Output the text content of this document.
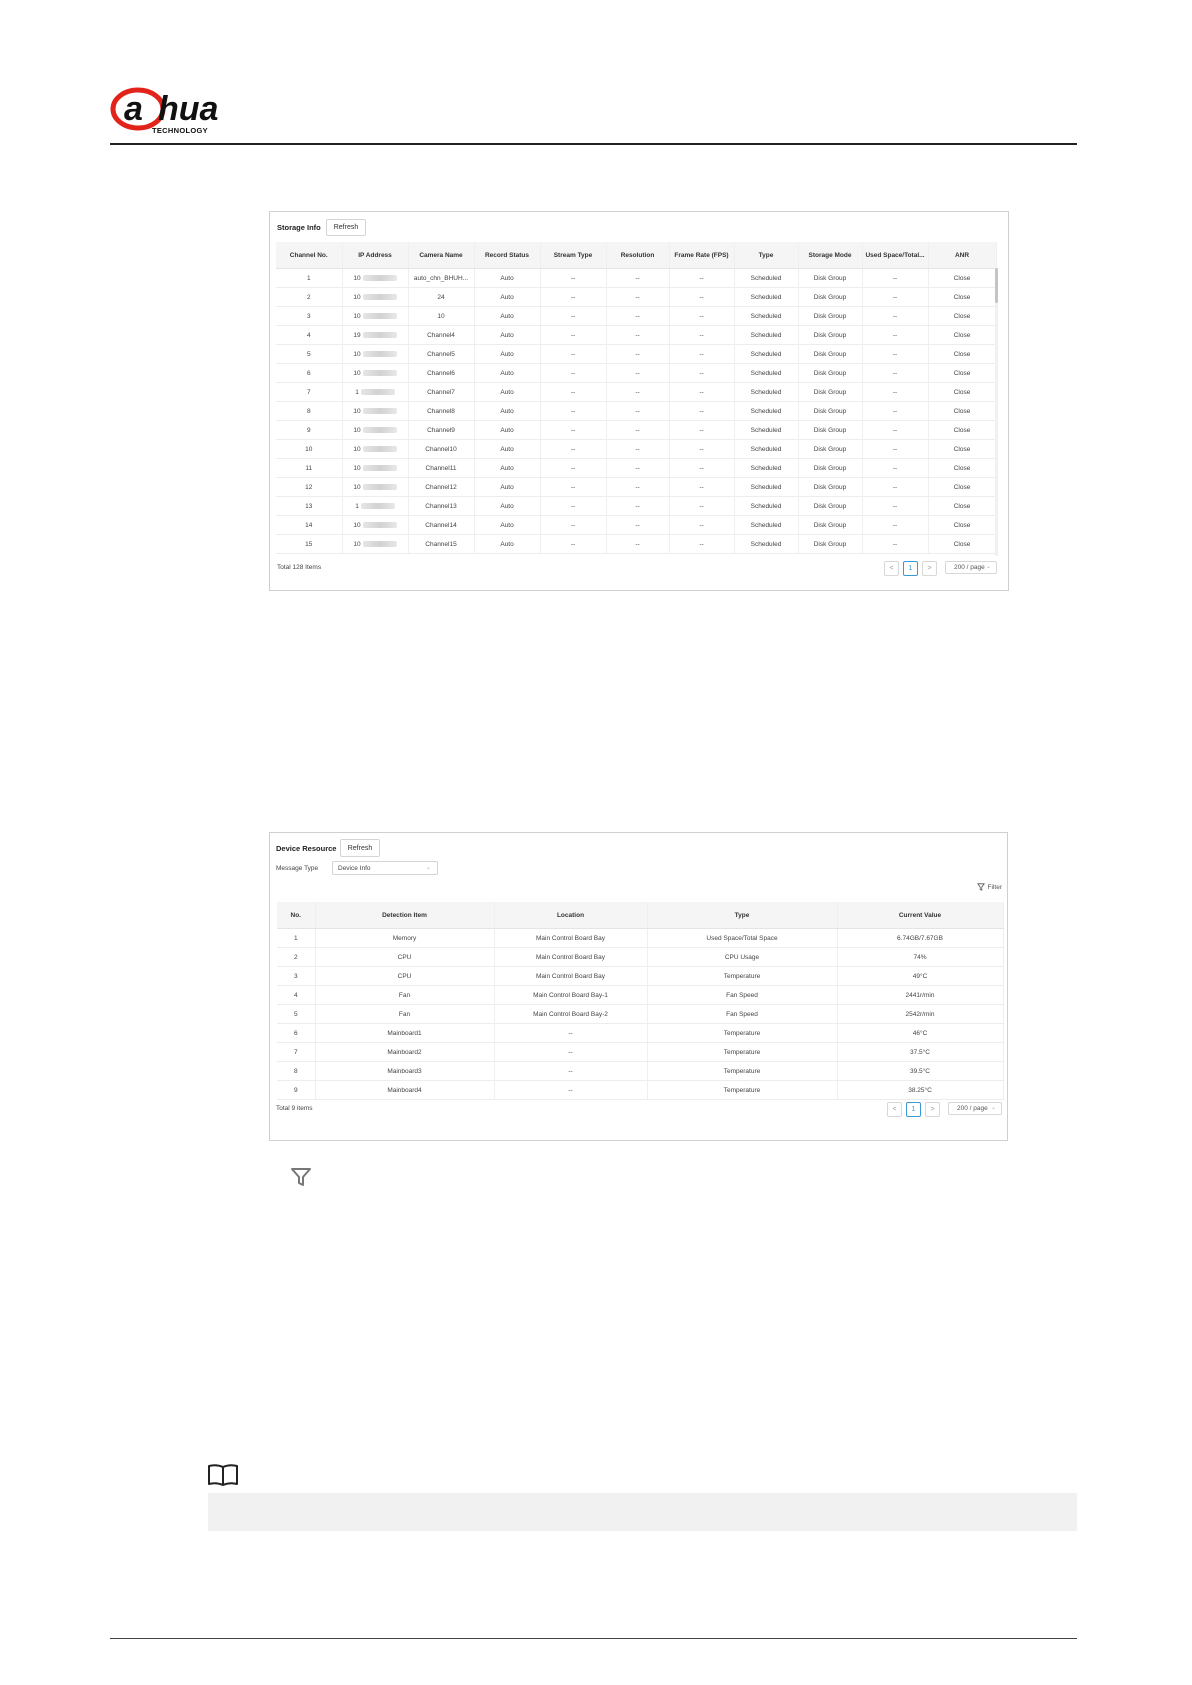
a hua
TECHNOLOGY
Storage Info	Refresh
Channel No.	IP Address	Camera Name	Record Status	Stream Type	Resolution	Frame Rate (FPS)	Type	Storage Mode	Used Space/Total...	ANR
1	10	auto_chn_BHUH...	Auto	--	--	--	Scheduled	Disk Group	--	Close
2	10	24	Auto	--	--	--	Scheduled	Disk Group	--	Close
3	10	10	Auto	--	--	--	Scheduled	Disk Group	--	Close
4	19	Channel4	Auto	--	--	--	Scheduled	Disk Group	--	Close
5	10	Channel5	Auto	--	--	--	Scheduled	Disk Group	--	Close
6	10	Channel6	Auto	--	--	--	Scheduled	Disk Group	--	Close
7	1	Channel7	Auto	--	--	--	Scheduled	Disk Group	--	Close
8	10	Channel8	Auto	--	--	--	Scheduled	Disk Group	--	Close
9	10	Channel9	Auto	--	--	--	Scheduled	Disk Group	--	Close
10	10	Channel10	Auto	--	--	--	Scheduled	Disk Group	--	Close
11	10	Channel11	Auto	--	--	--	Scheduled	Disk Group	--	Close
12	10	Channel12	Auto	--	--	--	Scheduled	Disk Group	--	Close
13	1	Channel13	Auto	--	--	--	Scheduled	Disk Group	--	Close
14	10	Channel14	Auto	--	--	--	Scheduled	Disk Group	--	Close
15	10	Channel15	Auto	--	--	--	Scheduled	Disk Group	--	Close
Total 128 Items	<	1	>	200 / page ⌄
Device Resource	Refresh
Message Type	Device Info	⌄
Filter
No.	Detection Item	Location	Type	Current Value
1	Memory	Main Control Board Bay	Used Space/Total Space	6.74GB/7.67GB
2	CPU	Main Control Board Bay	CPU Usage	74%
3	CPU	Main Control Board Bay	Temperature	49°C
4	Fan	Main Control Board Bay-1	Fan Speed	2441r/min
5	Fan	Main Control Board Bay-2	Fan Speed	2542r/min
6	Mainboard1	--	Temperature	46°C
7	Mainboard2	--	Temperature	37.5°C
8	Mainboard3	--	Temperature	39.5°C
9	Mainboard4	--	Temperature	38.25°C
Total 9 items	<	1	>	200 / page ⌄
